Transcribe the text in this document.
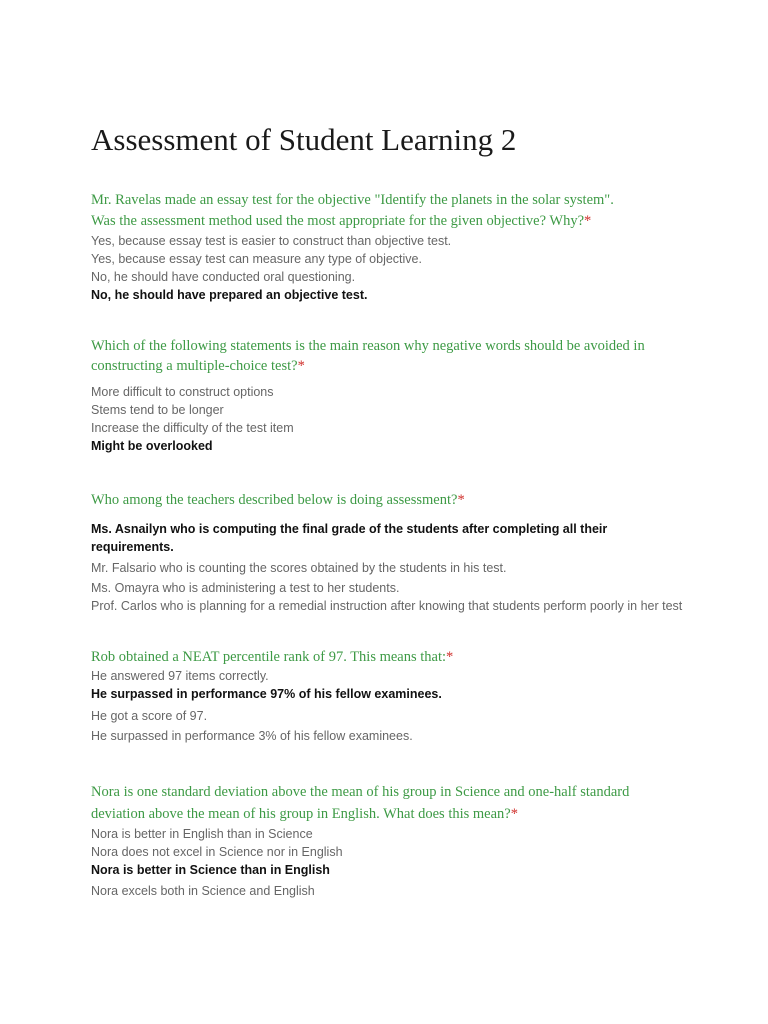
Assessment of Student Learning 2

Mr. Ravelas made an essay test for the objective "Identify the planets in the solar system".
Was the assessment method used the most appropriate for the given objective? Why?*

Yes, because essay test is easier to construct than objective test.
Yes, because essay test can measure any type of objective.
No, he should have conducted oral questioning.
No, he should have prepared an objective test.

Which of the following statements is the main reason why negative words should be avoided in
constructing a multiple-choice test?*

More difficult to construct options
Stems tend to be longer
Increase the difficulty of the test item
Might be overlooked

Who among the teachers described below is doing assessment?*

Ms. Asnailyn who is computing the final grade of the students after completing all their requirements.
Mr. Falsario who is counting the scores obtained by the students in his test.
Ms. Omayra who is administering a test to her students.
Prof. Carlos who is planning for a remedial instruction after knowing that students perform poorly in her test

Rob obtained a NEAT percentile rank of 97. This means that:*

He answered 97 items correctly.
He surpassed in performance 97% of his fellow examinees.
He got a score of 97.
He surpassed in performance 3% of his fellow examinees.

Nora is one standard deviation above the mean of his group in Science and one-half standard
deviation above the mean of his group in English. What does this mean?*

Nora is better in English than in Science
Nora does not excel in Science nor in English
Nora is better in Science than in English
Nora excels both in Science and English
